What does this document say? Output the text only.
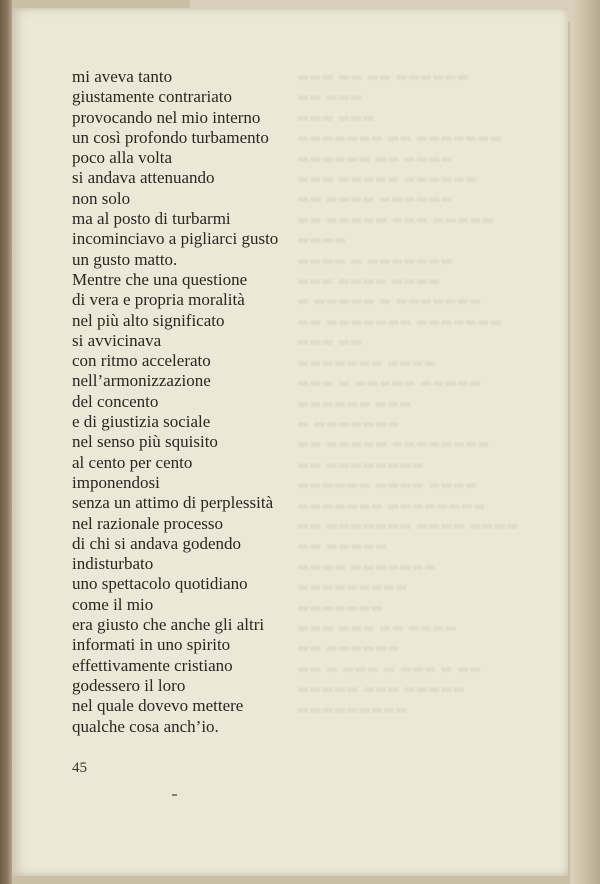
▬▬▬ ▬▬ ▬▬ ▬▬▬▬▬▬
▬▬ ▬▬▬
▬▬▬ ▬▬▬
▬▬▬▬▬▬▬ ▬▬ ▬▬▬▬▬▬▬
▬▬▬▬▬▬ ▬▬ ▬▬▬▬
▬▬▬ ▬▬▬▬▬ ▬▬▬▬▬▬
▬▬ ▬▬▬▬ ▬▬▬▬▬▬
▬▬ ▬▬▬▬▬ ▬▬▬ ▬▬▬▬▬
▬▬▬▬
▬▬▬▬ ▬ ▬▬▬▬▬▬▬
▬▬▬ ▬▬▬▬ ▬▬▬▬
▬ ▬▬▬▬▬ ▬ ▬▬▬▬▬▬▬
▬▬ ▬▬▬▬▬▬▬ ▬▬▬▬▬▬▬
▬▬▬ ▬▬
▬▬▬▬▬▬▬ ▬▬▬▬
▬▬▬ ▬ ▬▬▬▬▬ ▬▬▬▬▬
▬▬▬▬▬▬ ▬▬▬
▬ ▬▬▬▬▬▬▬
▬▬ ▬▬▬▬▬ ▬▬▬▬▬▬▬▬
▬▬ ▬▬▬▬▬▬▬▬
▬▬▬▬▬▬ ▬▬▬▬ ▬▬▬▬
▬▬▬▬▬▬▬ ▬▬▬▬▬▬▬▬
▬▬ ▬▬▬▬▬▬▬ ▬▬▬▬ ▬▬▬▬
▬▬ ▬▬▬▬▬
▬▬▬▬ ▬▬▬▬▬▬▬
▬▬▬▬▬▬▬▬▬
▬▬▬▬▬▬▬
▬▬▬ ▬▬▬ ▬▬ ▬▬▬▬
▬▬ ▬▬▬▬▬▬
▬▬ ▬ ▬▬▬ ▬ ▬▬▬ ▬ ▬▬
▬▬▬▬▬ ▬▬▬ ▬▬▬▬▬
▬▬▬▬▬▬▬▬▬
mi aveva tanto
giustamente contrariato
provocando nel mio interno
un così profondo turbamento
poco alla volta
si andava attenuando
non solo
ma al posto di turbarmi
incominciavo a pigliarci gusto
un gusto matto.
Mentre che una questione
di vera e propria moralità
nel più alto significato
si avvicinava
con ritmo accelerato
nell’armonizzazione
del concento
e di giustizia sociale
nel senso più squisito
al cento per cento
imponendosi
senza un attimo di perplessità
nel razionale processo
di chi si andava godendo
indisturbato
uno spettacolo quotidiano
come il mio
era giusto che anche gli altri
informati in uno spirito
effettivamente cristiano
godessero il loro
nel quale dovevo mettere
qualche cosa anch’io.
45
